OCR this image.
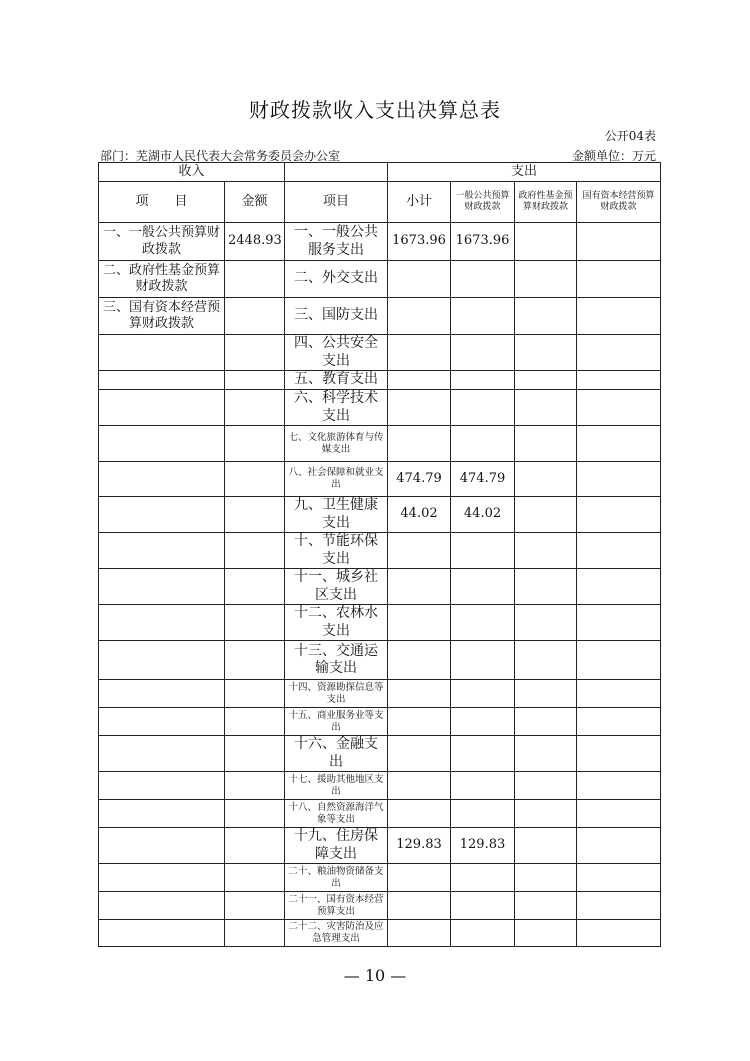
财政拨款收入支出决算总表
公开04表
部门：芜湖市人民代表大会常务委员会办公室	金额单位：万元
收入			支出			
项　　目	金额	项目	小计	一般公共预算财政拨款	政府性基金预算财政拨款	国有资本经营预算财政拨款
一、一般公共预算财政拨款	2448.93	一、一般公共服务支出	1673.96	1673.96		
二、政府性基金预算财政拨款		二、外交支出				
三、国有资本经营预算财政拨款		三、国防支出				
		四、公共安全支出				
		五、教育支出				
		六、科学技术支出				
		七、文化旅游体育与传媒支出				
		八、社会保障和就业支出	474.79	474.79		
		九、卫生健康支出	44.02	44.02		
		十、节能环保支出				
		十一、城乡社区支出				
		十二、农林水支出				
		十三、交通运输支出				
		十四、资源勘探信息等支出				
		十五、商业服务业等支出				
		十六、金融支出				
		十七、援助其他地区支出				
		十八、自然资源海洋气象等支出				
		十九、住房保障支出	129.83	129.83		
		二十、粮油物资储备支出				
		二十一、国有资本经营预算支出				
		二十二、灾害防治及应急管理支出				
— 10 —
